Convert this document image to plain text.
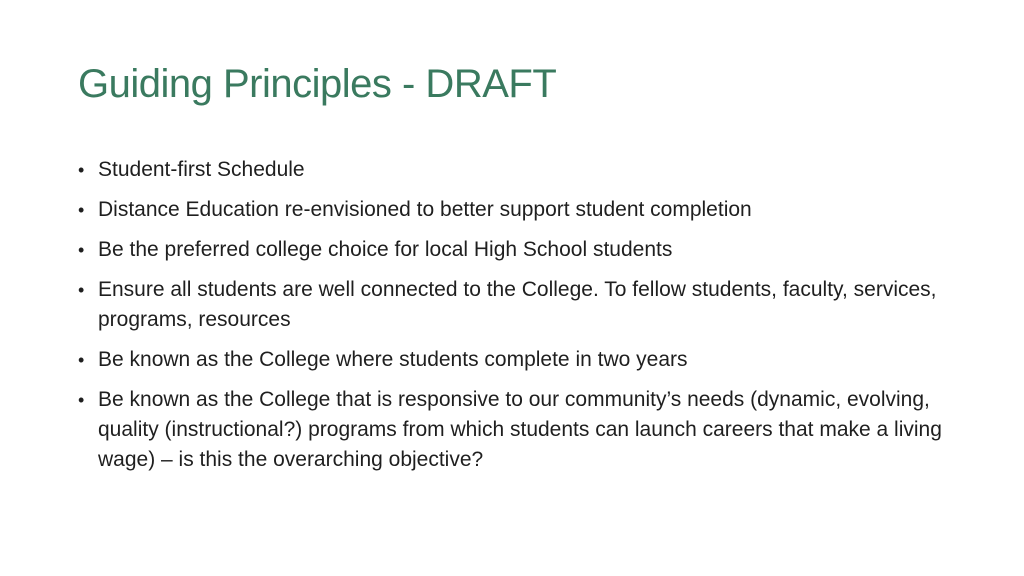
Guiding Principles - DRAFT
• Student-first Schedule
• Distance Education re-envisioned to better support student completion
• Be the preferred college choice for local High School students
• Ensure all students are well connected to the College. To fellow students, faculty, services, programs, resources
• Be known as the College where students complete in two years
• Be known as the College that is responsive to our community’s needs (dynamic, evolving, quality (instructional?) programs from which students can launch careers that make a living wage) – is this the overarching objective?
